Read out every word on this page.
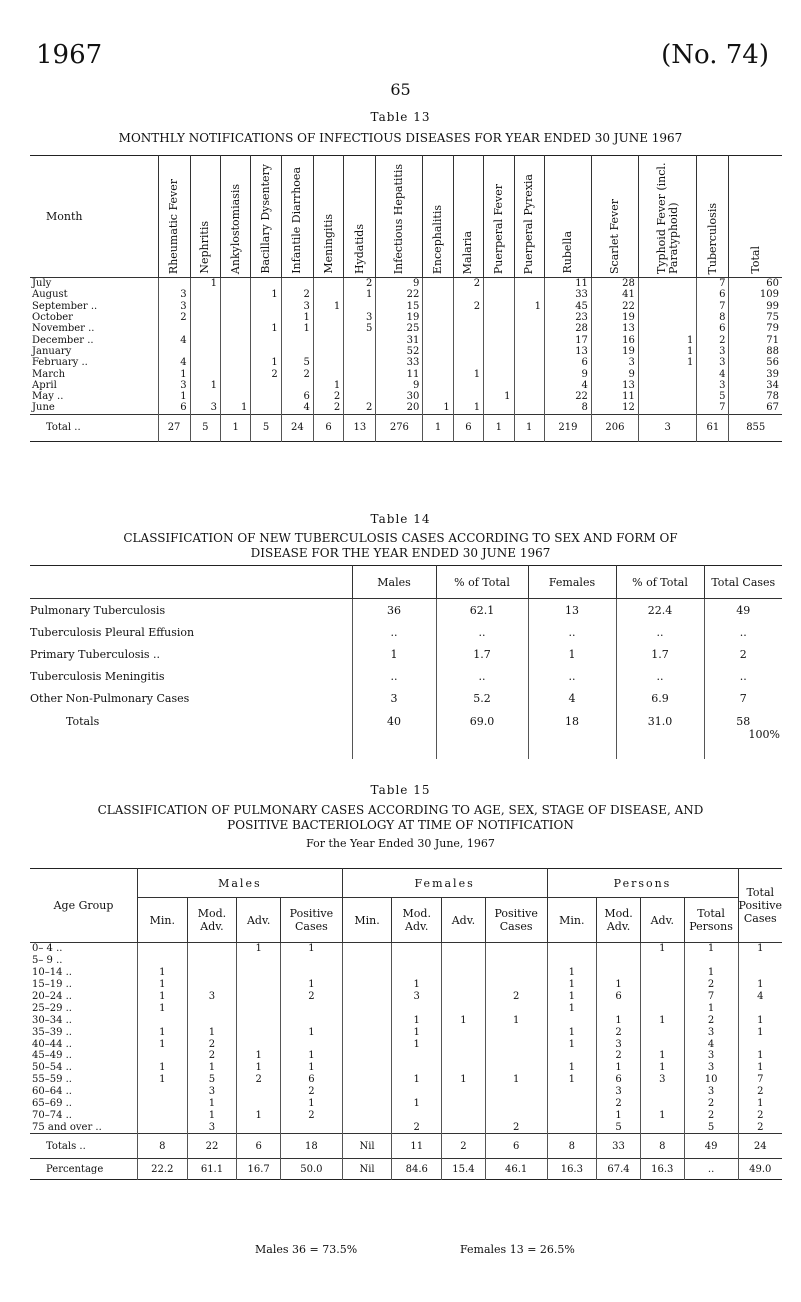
1967	(No. 74)
65
Table 13
MONTHLY NOTIFICATIONS OF INFECTIOUS DISEASES FOR YEAR ENDED 30 JUNE 1967
Month	Rheumatic Fever	Nephritis	Ankylostomiasis	Bacillary Dysentery	Infantile Diarrhoea	Meningitis	Hydatids	Infectious Hepatitis	Encephalitis	Malaria	Puerperal Fever	Puerperal Pyrexia	Rubella	Scarlet Fever	Typhoid Fever (incl. Paratyphoid)	Tuberculosis	Total
July		1					2	9		2			11	28		7	60
August	3			1	2		1	22					33	41		6	109
September ..	3				3	1		15		2		1	45	22		7	99
October	2				1		3	19					23	19		8	75
November ..				1	1		5	25					28	13		6	79
December ..	4							31					17	16	1	2	71
January								52					13	19	1	3	88
February ..	4			1	5			33					6	3	1	3	56
March	1			2	2			11		1			9	9		4	39
April	3	1				1		9					4	13		3	34
May ..	1				6	2		30			1		22	11		5	78
June	6	3	1		4	2	2	20	1	1			8	12		7	67
Total ..	27	5	1	5	24	6	13	276	1	6	1	1	219	206	3	61	855
Table 14
CLASSIFICATION OF NEW TUBERCULOSIS CASES ACCORDING TO SEX AND FORM OF
DISEASE FOR THE YEAR ENDED 30 JUNE 1967
	Males	% of Total	Females	% of Total	Total Cases
Pulmonary Tuberculosis	36	62.1	13	22.4	49
Tuberculosis Pleural Effusion	..	..	..	..	..
Primary Tuberculosis ..	1	1.7	1	1.7	2
Tuberculosis Meningitis	..	..	..	..	..
Other Non-Pulmonary Cases	3	5.2	4	6.9	7
Totals	40	69.0	18	31.0	58
100%
Table 15
CLASSIFICATION OF PULMONARY CASES ACCORDING TO AGE, SEX, STAGE OF DISEASE, AND
POSITIVE BACTERIOLOGY AT TIME OF NOTIFICATION
For the Year Ended 30 June, 1967
Age Group	Males				Females				Persons				Total Positive Cases
	Min.	Mod. Adv.	Adv.	Positive Cases	Min.	Mod. Adv.	Adv.	Positive Cases	Min.	Mod. Adv.	Adv.	Total Persons	
0– 4 ..			1	1							1	1	1
5– 9 ..													
10–14 ..	1								1			1	
15–19 ..	1			1		1			1	1		2	1
20–24 ..	1	3		2		3		2	1	6		7	4
25–29 ..	1								1			1	
30–34 ..						1	1	1		1	1	2	1
35–39 ..	1	1		1		1			1	2		3	1
40–44 ..	1	2				1			1	3		4	
45–49 ..		2	1	1						2	1	3	1
50–54 ..	1	1	1	1					1	1	1	3	1
55–59 ..	1	5	2	6		1	1	1	1	6	3	10	7
60–64 ..		3		2						3		3	2
65–69 ..		1		1		1				2		2	1
70–74 ..		1	1	2						1	1	2	2
75 and over ..		3				2		2		5		5	2
Totals ..	8	22	6	18	Nil	11	2	6	8	33	8	49	24
Percentage	22.2	61.1	16.7	50.0	Nil	84.6	15.4	46.1	16.3	67.4	16.3	..	49.0
Males 36 = 73.5%	Females 13 = 26.5%
